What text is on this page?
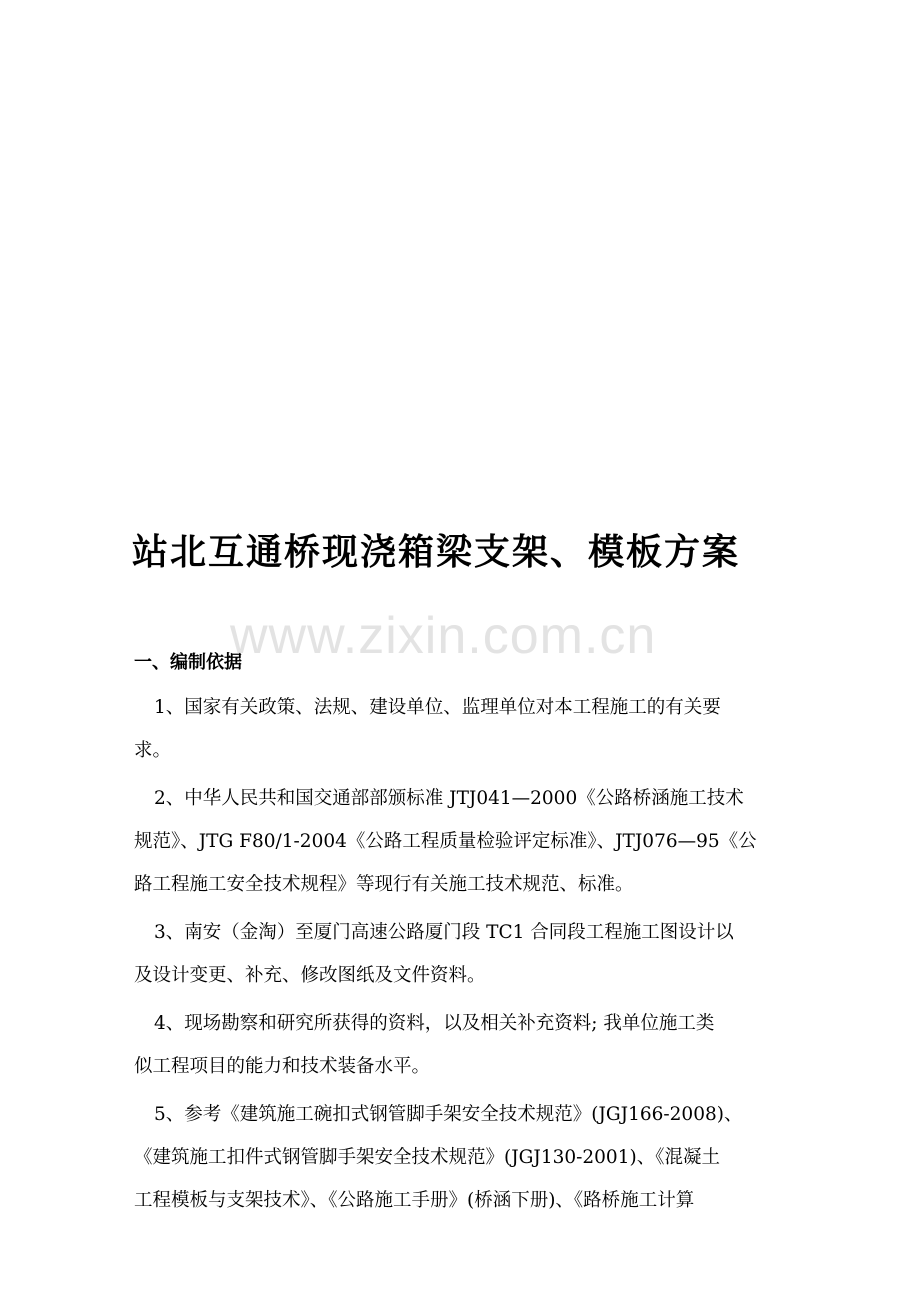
站北互通桥现浇箱梁支架、模板方案
www.zixin.com.cn
一、编制依据

1、国家有关政策、法规、建设单位、监理单位对本工程施工的有关要
求。

2、中华人民共和国交通部部颁标准 JTJ041—2000《公路桥涵施工技术
规范》、JTG F80/1-2004《公路工程质量检验评定标准》、JTJ076—95《公
路工程施工安全技术规程》等现行有关施工技术规范、标准。

3、南安（金淘）至厦门高速公路厦门段 TC1 合同段工程施工图设计以
及设计变更、补充、修改图纸及文件资料。

4、现场勘察和研究所获得的资料，以及相关补充资料; 我单位施工类
似工程项目的能力和技术装备水平。

5、参考《建筑施工碗扣式钢管脚手架安全技术规范》(JGJ166-2008)、
《建筑施工扣件式钢管脚手架安全技术规范》(JGJ130-2001)、《混凝土
工程模板与支架技术》、《公路施工手册》(桥涵下册)、《路桥施工计算
